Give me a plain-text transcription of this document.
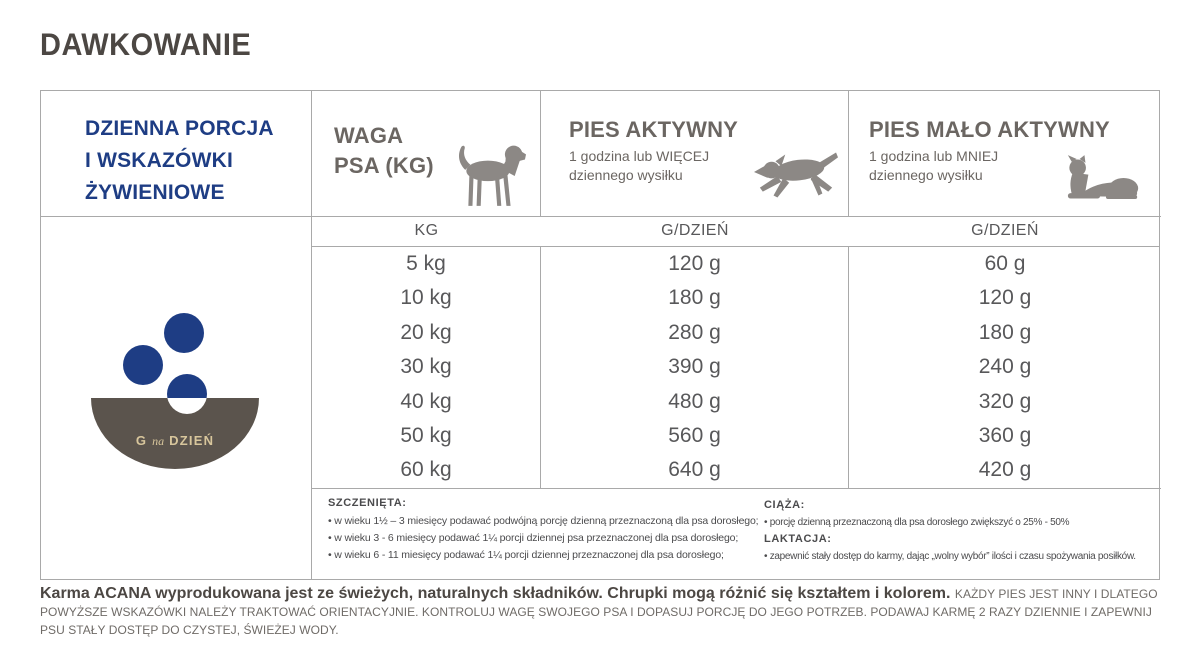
DAWKOWANIE
DZIENNA PORCJA
I WSKAZÓWKI
ŻYWIENIOWE
G na DZIEŃ
WAGA
PSA (KG)
PIES AKTYWNY
1 godzina lub WIĘCEJ
dziennego wysiłku
PIES MAŁO AKTYWNY
1 godzina lub MNIEJ
dziennego wysiłku
KG	G/DZIEŃ	G/DZIEŃ
5 kg
10 kg
20 kg
30 kg
40 kg
50 kg
60 kg
120 g
180 g
280 g
390 g
480 g
560 g
640 g
60 g
120 g
180 g
240 g
320 g
360 g
420 g
SZCZENIĘTA:
• w wieku 1½ – 3 miesięcy podawać podwójną porcję dzienną przeznaczoną dla psa dorosłego;
• w wieku 3 - 6 miesięcy podawać 1¼ porcji dziennej psa przeznaczonej dla psa dorosłego;
• w wieku 6 - 11 miesięcy podawać 1¼ porcji dziennej przeznaczonej dla psa dorosłego;
CIĄŻA:
• porcję dzienną przeznaczoną dla psa dorosłego zwiększyć o 25% - 50%
LAKTACJA:
• zapewnić stały dostęp do karmy, dając „wolny wybór” ilości i czasu spożywania posiłków.

Karma ACANA wyprodukowana jest ze świeżych, naturalnych składników. Chrupki mogą różnić się kształtem i kolorem. KAŻDY PIES JEST INNY I DLATEGO POWYŻSZE WSKAZÓWKI NALEŻY TRAKTOWAĆ ORIENTACYJNIE. KONTROLUJ WAGĘ SWOJEGO PSA I DOPASUJ PORCJĘ DO JEGO POTRZEB. PODAWAJ KARMĘ 2 RAZY DZIENNIE I ZAPEWNIJ PSU STAŁY DOSTĘP DO CZYSTEJ, ŚWIEŻEJ WODY.
